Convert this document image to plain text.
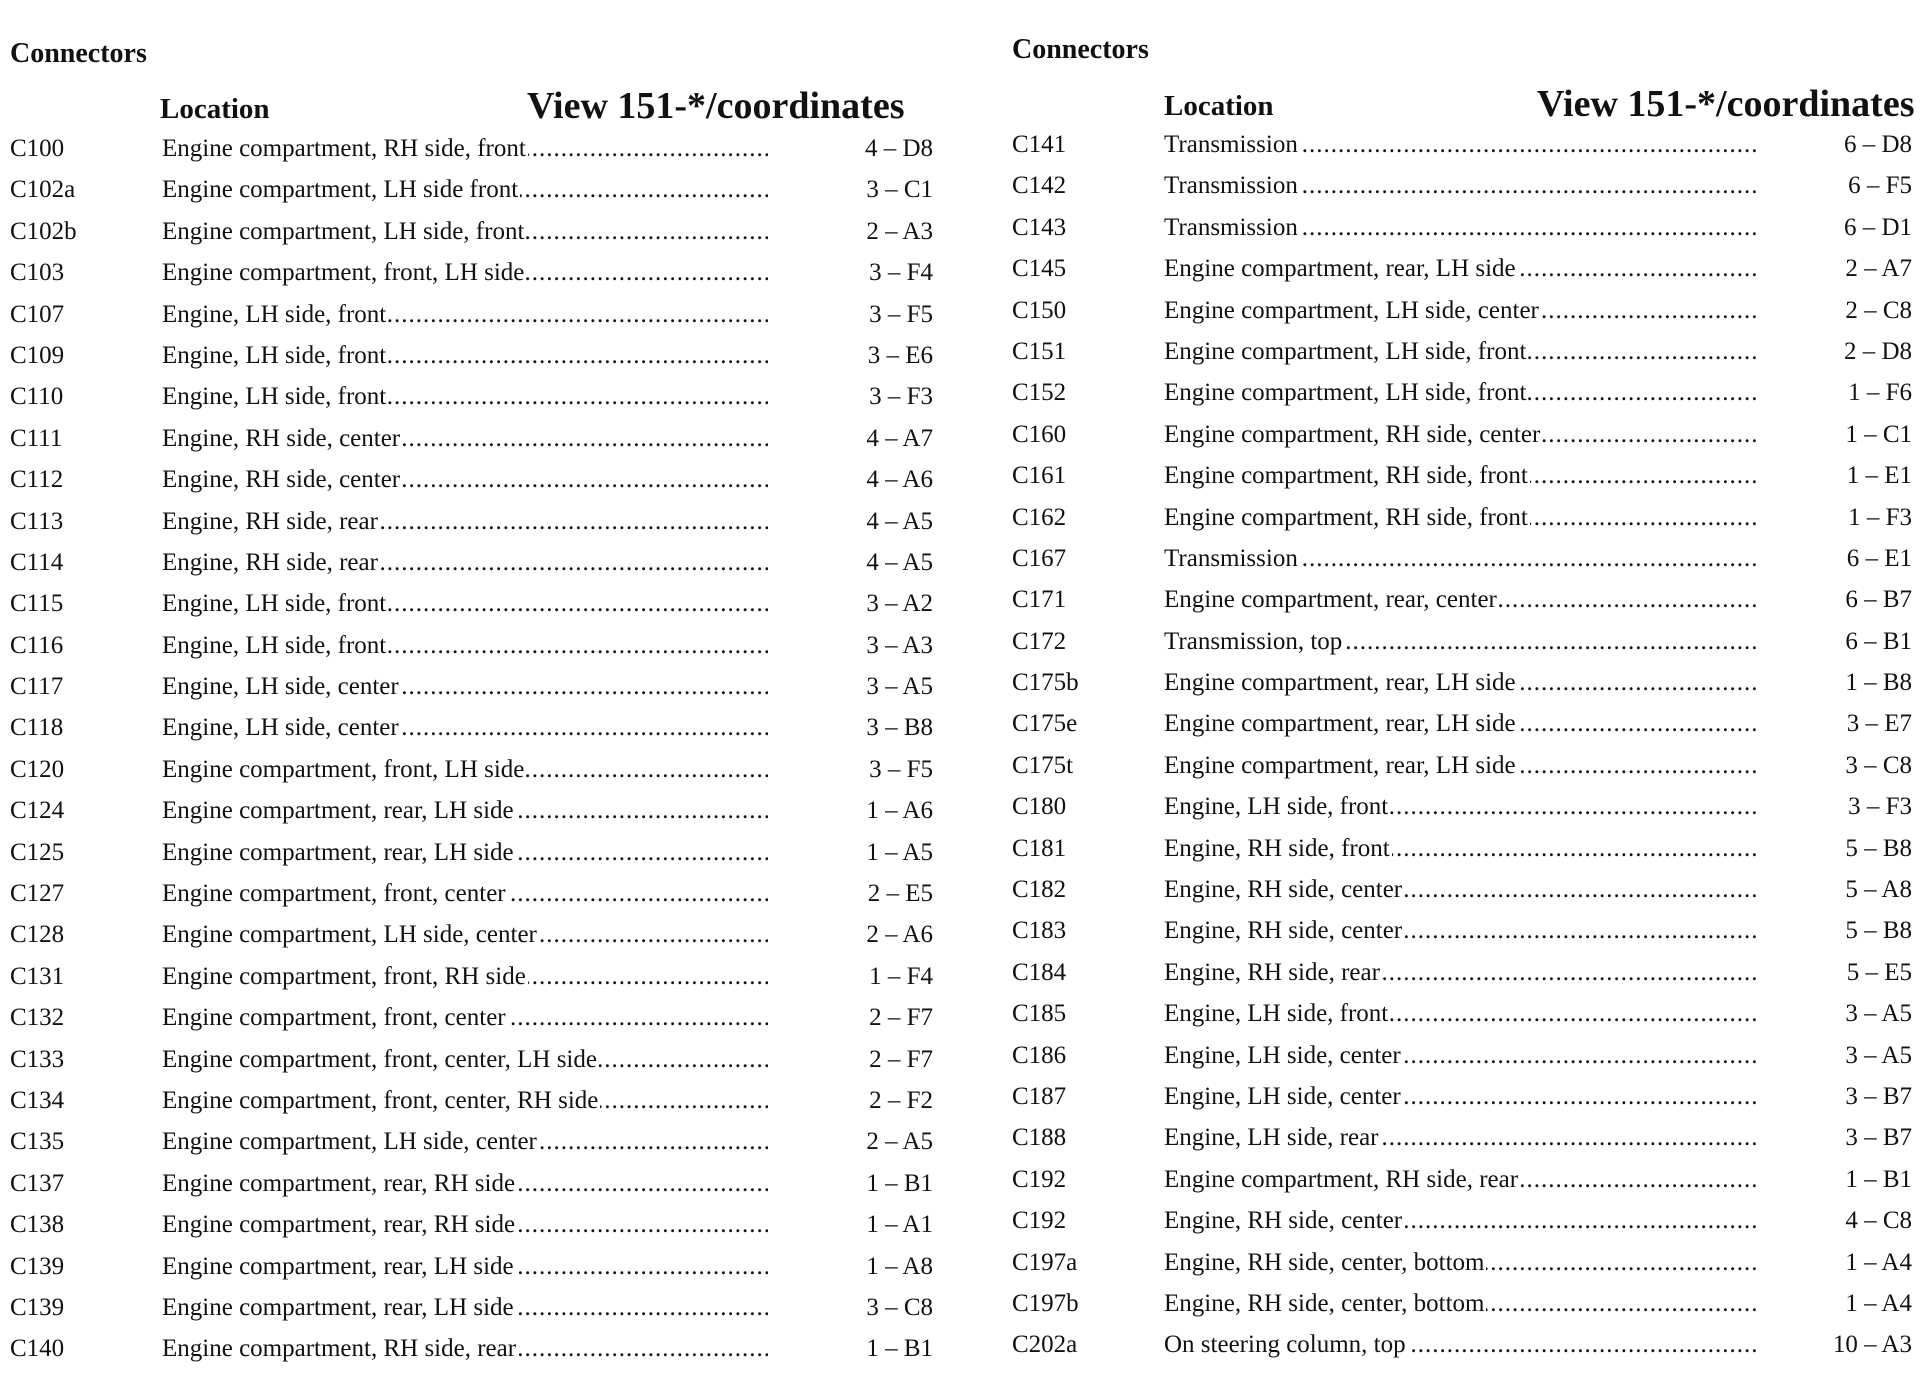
Connectors
Location	View 151-*/coordinates
C100	Engine compartment, RH side, front .....	4 – D8
C102a	Engine compartment, LH side front .....	3 – C1
C102b	Engine compartment, LH side, front .....	2 – A3
C103	Engine compartment, front, LH side .....	3 – F4
C107	Engine, LH side, front .....	3 – F5
C109	Engine, LH side, front .....	3 – E6
C110	Engine, LH side, front .....	3 – F3
C111	Engine, RH side, center .....	4 – A7
C112	Engine, RH side, center .....	4 – A6
C113	Engine, RH side, rear .....	4 – A5
C114	Engine, RH side, rear .....	4 – A5
C115	Engine, LH side, front .....	3 – A2
C116	Engine, LH side, front .....	3 – A3
C117	Engine, LH side, center .....	3 – A5
C118	Engine, LH side, center .....	3 – B8
C120	Engine compartment, front, LH side .....	3 – F5
C124	Engine compartment, rear, LH side .....	1 – A6
C125	Engine compartment, rear, LH side .....	1 – A5
C127	Engine compartment, front, center .....	2 – E5
C128	Engine compartment, LH side, center .....	2 – A6
C131	Engine compartment, front, RH side .....	1 – F4
C132	Engine compartment, front, center .....	2 – F7
C133	Engine compartment, front, center, LH side .....	2 – F7
C134	Engine compartment, front, center, RH side .....	2 – F2
C135	Engine compartment, LH side, center .....	2 – A5
C137	Engine compartment, rear, RH side .....	1 – B1
C138	Engine compartment, rear, RH side .....	1 – A1
C139	Engine compartment, rear, LH side .....	1 – A8
C139	Engine compartment, rear, LH side .....	3 – C8
C140	Engine compartment, RH side, rear .....	1 – B1
Connectors
Location	View 151-*/coordinates
C141	Transmission .....	6 – D8
C142	Transmission .....	6 – F5
C143	Transmission .....	6 – D1
C145	Engine compartment, rear, LH side .....	2 – A7
C150	Engine compartment, LH side, center .....	2 – C8
C151	Engine compartment, LH side, front .....	2 – D8
C152	Engine compartment, LH side, front .....	1 – F6
C160	Engine compartment, RH side, center .....	1 – C1
C161	Engine compartment, RH side, front .....	1 – E1
C162	Engine compartment, RH side, front .....	1 – F3
C167	Transmission .....	6 – E1
C171	Engine compartment, rear, center .....	6 – B7
C172	Transmission, top .....	6 – B1
C175b	Engine compartment, rear, LH side .....	1 – B8
C175e	Engine compartment, rear, LH side .....	3 – E7
C175t	Engine compartment, rear, LH side .....	3 – C8
C180	Engine, LH side, front .....	3 – F3
C181	Engine, RH side, front .....	5 – B8
C182	Engine, RH side, center .....	5 – A8
C183	Engine, RH side, center .....	5 – B8
C184	Engine, RH side, rear .....	5 – E5
C185	Engine, LH side, front .....	3 – A5
C186	Engine, LH side, center .....	3 – A5
C187	Engine, LH side, center .....	3 – B7
C188	Engine, LH side, rear .....	3 – B7
C192	Engine compartment, RH side, rear .....	1 – B1
C192	Engine, RH side, center .....	4 – C8
C197a	Engine, RH side, center, bottom .....	1 – A4
C197b	Engine, RH side, center, bottom .....	1 – A4
C202a	On steering column, top .....	10 – A3
